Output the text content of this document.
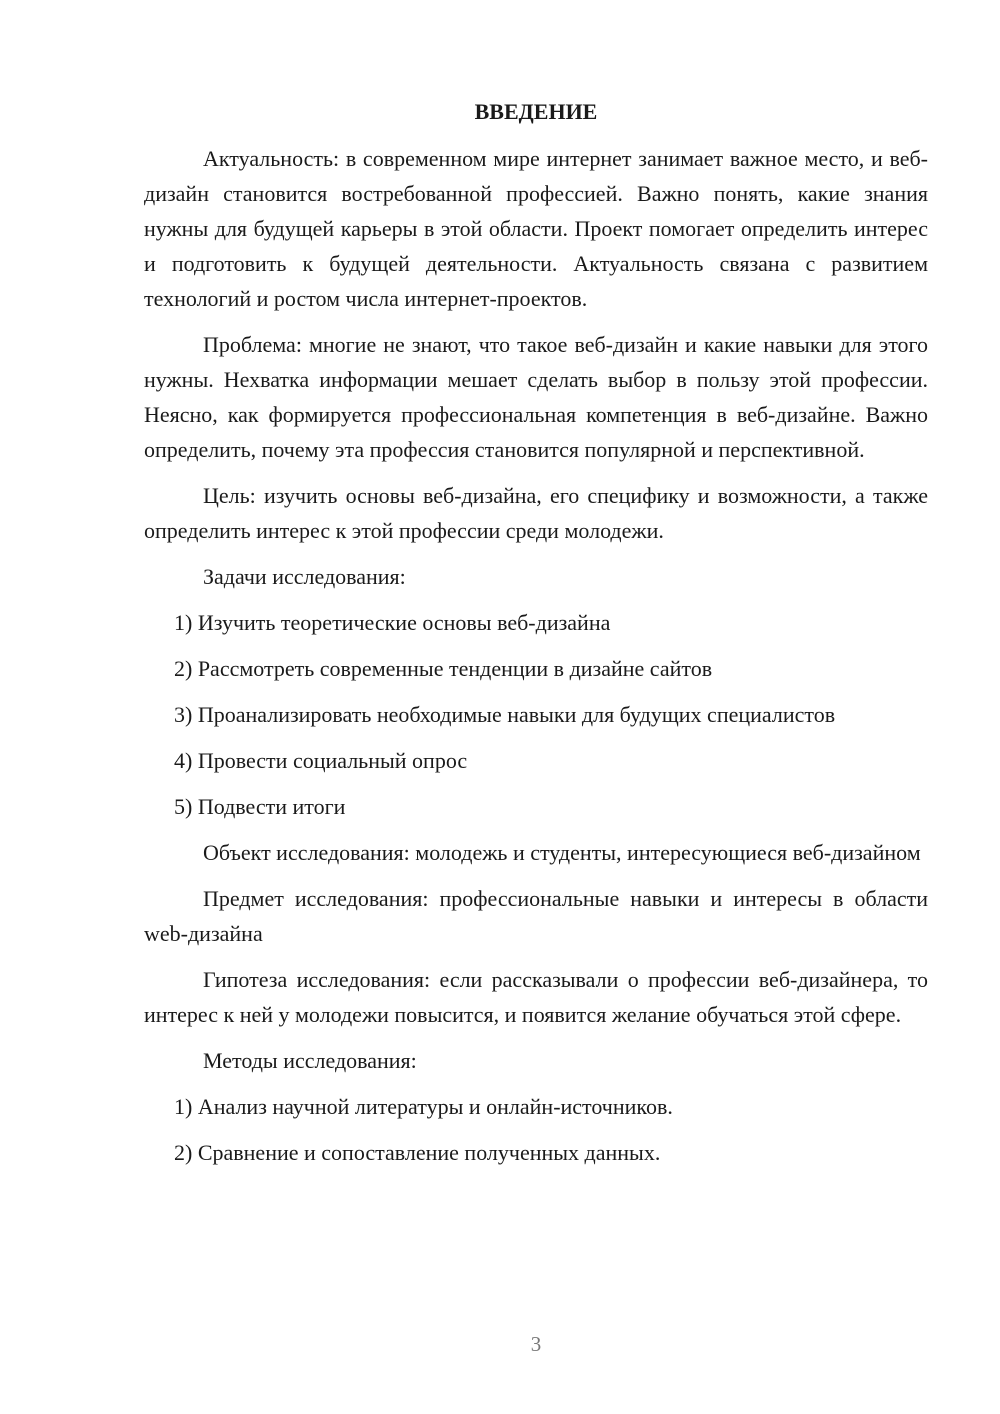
ВВЕДЕНИЕ

Актуальность: в современном мире интернет занимает важное место, и веб-дизайн становится востребованной профессией. Важно понять, какие знания нужны для будущей карьеры в этой области. Проект помогает определить интерес и подготовить к будущей деятельности. Актуальность связана с развитием технологий и ростом числа интернет-проектов.

Проблема: многие не знают, что такое веб-дизайн и какие навыки для этого нужны. Нехватка информации мешает сделать выбор в пользу этой профессии. Неясно, как формируется профессиональная компетенция в веб-дизайне. Важно определить, почему эта профессия становится популярной и перспективной.

Цель: изучить основы веб-дизайна, его специфику и возможности, а также определить интерес к этой профессии среди молодежи.

Задачи исследования:

1) Изучить теоретические основы веб-дизайна

2) Рассмотреть современные тенденции в дизайне сайтов

3) Проанализировать необходимые навыки для будущих специалистов

4) Провести социальный опрос

5) Подвести итоги

Объект исследования: молодежь и студенты, интересующиеся веб-дизайном

Предмет исследования: профессиональные навыки и интересы в области web-дизайна

Гипотеза исследования: если рассказывали о профессии веб-дизайнера, то интерес к ней у молодежи повысится, и появится желание обучаться этой сфере.

Методы исследования:

1) Анализ научной литературы и онлайн-источников.

2) Сравнение и сопоставление полученных данных.

3
